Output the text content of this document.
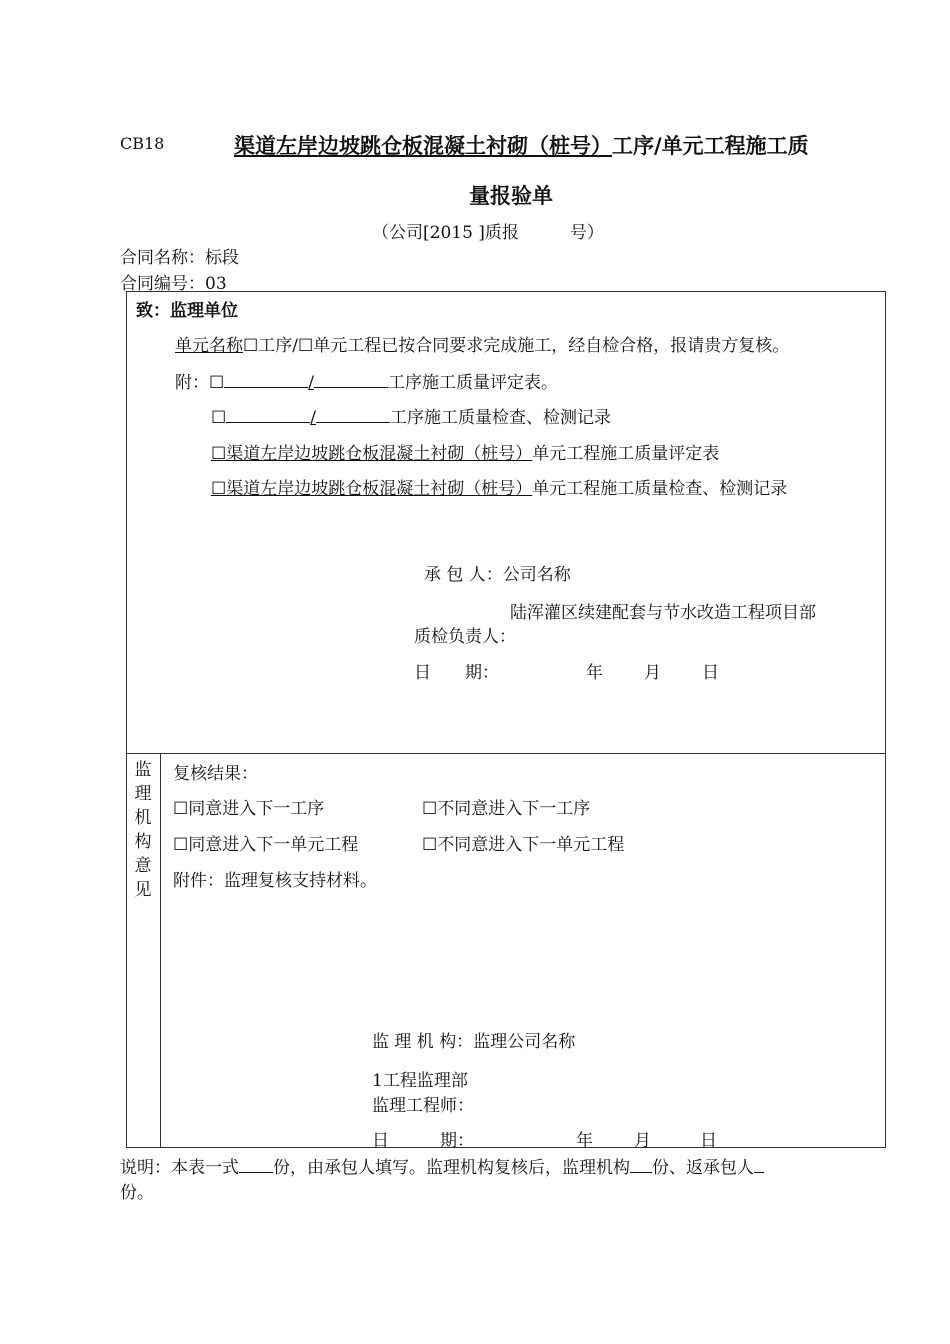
CB18	渠道左岸边坡跳仓板混凝土衬砌（桩号）工序/单元工程施工质
量报验单
（公司[2015 ]质报　　　号）
合同名称：标段
合同编号：03
致：监理单位
单元名称☐工序/☐单元工程已按合同要求完成施工，经自检合格，报请贵方复核。
附：☐	/	工序施工质量评定表。
☐	/	工序施工质量检查、检测记录
☐渠道左岸边坡跳仓板混凝土衬砌（桩号）单元工程施工质量评定表
☐渠道左岸边坡跳仓板混凝土衬砌（桩号）单元工程施工质量检查、检测记录
承 包 人：公司名称
陆浑灌区续建配套与节水改造工程项目部
质检负责人：
日　　期：	年 月 日
监
理
机
构
意
见
复核结果：
☐同意进入下一工序	☐不同意进入下一工序
☐同意进入下一单元工程	☐不同意进入下一单元工程
附件：监理复核支持材料。
监 理 机 构：监理公司名称
1工程监理部
监理工程师：
日　　　期：	年 月	日
说明：本表一式 份，由承包人填写。监理机构复核后，监理机构 份、返承包人
份。
